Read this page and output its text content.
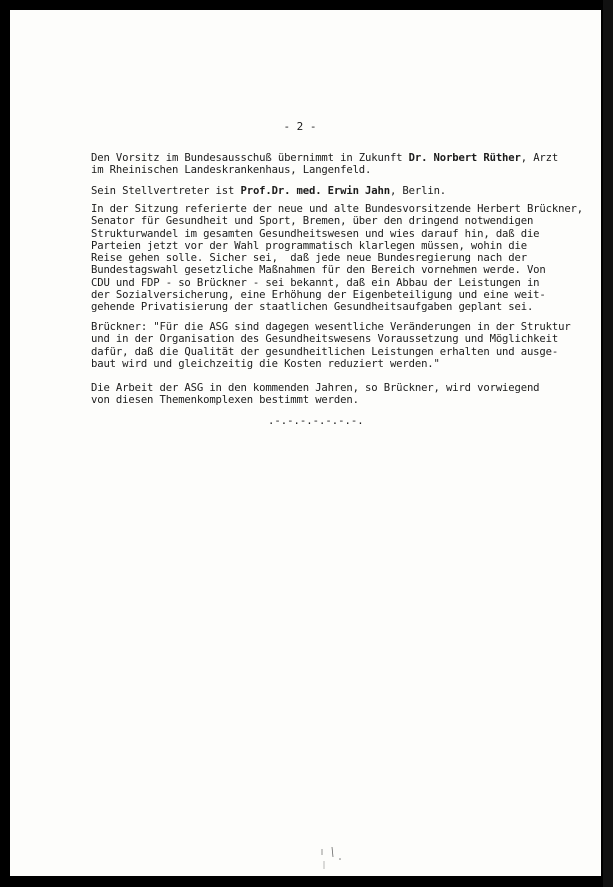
- 2 -
Den Vorsitz im Bundesausschuß übernimmt in Zukunft Dr. Norbert Rüther, Arzt
im Rheinischen Landeskrankenhaus, Langenfeld.
Sein Stellvertreter ist Prof.Dr. med. Erwin Jahn, Berlin.
In der Sitzung referierte der neue und alte Bundesvorsitzende Herbert Brückner,
Senator für Gesundheit und Sport, Bremen, über den dringend notwendigen
Strukturwandel im gesamten Gesundheitswesen und wies darauf hin, daß die
Parteien jetzt vor der Wahl programmatisch klarlegen müssen, wohin die
Reise gehen solle. Sicher sei,  daß jede neue Bundesregierung nach der
Bundestagswahl gesetzliche Maßnahmen für den Bereich vornehmen werde. Von
CDU und FDP - so Brückner - sei bekannt, daß ein Abbau der Leistungen in
der Sozialversicherung, eine Erhöhung der Eigenbeteiligung und eine weit-
gehende Privatisierung der staatlichen Gesundheitsaufgaben geplant sei.
Brückner: "Für die ASG sind dagegen wesentliche Veränderungen in der Struktur
und in der Organisation des Gesundheitswesens Voraussetzung und Möglichkeit
dafür, daß die Qualität der gesundheitlichen Leistungen erhalten und ausge-
baut wird und gleichzeitig die Kosten reduziert werden."
Die Arbeit der ASG in den kommenden Jahren, so Brückner, wird vorwiegend
von diesen Themenkomplexen bestimmt werden.
.-.-.-.-.-.-.-.
